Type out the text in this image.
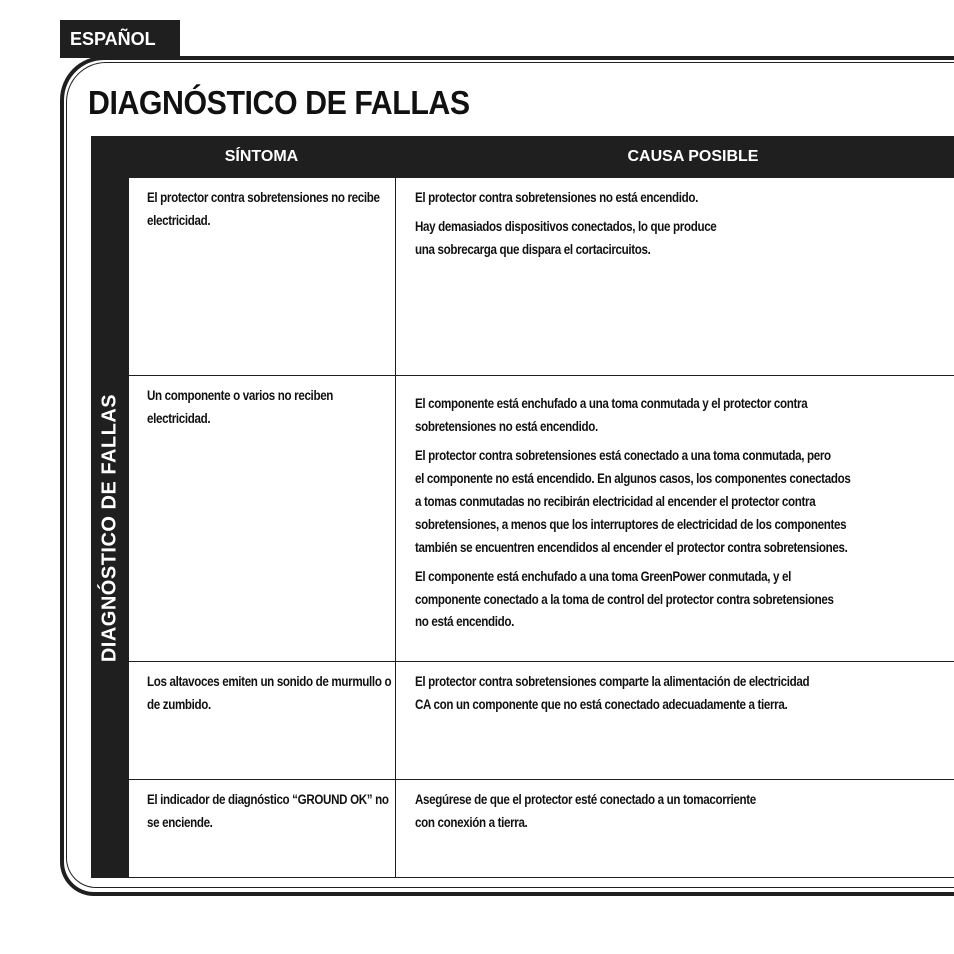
ESPAÑOL
DIAGNÓSTICO DE FALLAS
SÍNTOMA	CAUSA POSIBLE
DIAGNÓSTICO DE FALLAS

El protector contra sobretensiones no recibe electricidad.

El protector contra sobretensiones no está encendido.

Hay demasiados dispositivos conectados, lo que produce
una sobrecarga que dispara el cortacircuitos.

Un componente o varios no reciben electricidad.

El componente está enchufado a una toma conmutada y el protector contra
sobretensiones no está encendido.

El protector contra sobretensiones está conectado a una toma conmutada, pero
el componente no está encendido. En algunos casos, los componentes conectados
a tomas conmutadas no recibirán electricidad al encender el protector contra
sobretensiones, a menos que los interruptores de electricidad de los componentes
también se encuentren encendidos al encender el protector contra sobretensiones.

El componente está enchufado a una toma GreenPower conmutada, y el
componente conectado a la toma de control del protector contra sobretensiones
no está encendido.

Los altavoces emiten un sonido de murmullo o de zumbido.

El protector contra sobretensiones comparte la alimentación de electricidad
CA con un componente que no está conectado adecuadamente a tierra.

El indicador de diagnóstico “GROUND OK” no se enciende.

Asegúrese de que el protector esté conectado a un tomacorriente
con conexión a tierra.
